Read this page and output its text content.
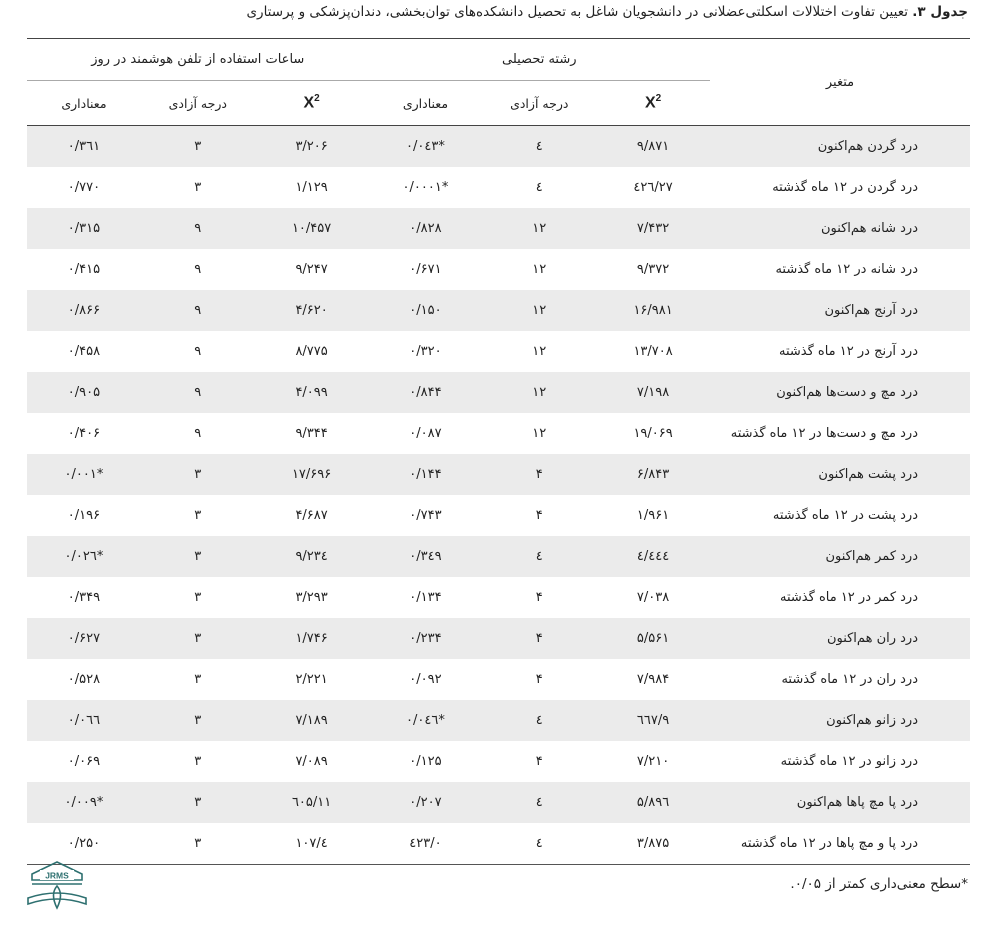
جدول ۳. تعیین تفاوت اختلالات اسکلتی‌عضلانی در دانشجویان شاغل به تحصیل دانشکده‌های توان‌بخشی، دندان‌پزشکی و پرستاری
متغیر	رشته تحصیلی			ساعات استفاده از تلفن هوشمند در روز		
	$X^2$	درجه آزادی	معناداری	$X^2$	درجه آزادی	معناداری
درد گردن هم‌اکنون	۹/۸۷۱	٤	*۰/۰٤۳	۳/۲۰۶	۳	۰/۳٦۱
درد گردن در ۱۲ ماه گذشته	۲۷/٤۲٦	٤	*۰/۰۰۰۱	۱/۱۲۹	۳	۰/۷۷۰
درد شانه هم‌اکنون	۷/۴۳۲	۱۲	۰/۸۲۸	۱۰/۴۵۷	۹	۰/۳۱۵
درد شانه در ۱۲ ماه گذشته	۹/۳۷۲	۱۲	۰/۶۷۱	۹/۲۴۷	۹	۰/۴۱۵
درد آرنج هم‌اکنون	۱۶/۹۸۱	۱۲	۰/۱۵۰	۴/۶۲۰	۹	۰/۸۶۶
درد آرنج در ۱۲ ماه گذشته	۱۳/۷۰۸	۱۲	۰/۳۲۰	۸/۷۷۵	۹	۰/۴۵۸
درد مچ و دست‌ها هم‌اکنون	۷/۱۹۸	۱۲	۰/۸۴۴	۴/۰۹۹	۹	۰/۹۰۵
درد مچ و دست‌ها در ۱۲ ماه گذشته	۱۹/۰۶۹	۱۲	۰/۰۸۷	۹/۳۴۴	۹	۰/۴۰۶
درد پشت هم‌اکنون	۶/۸۴۳	۴	۰/۱۴۴	۱۷/۶۹۶	۳	*۰/۰۰۱
درد پشت در ۱۲ ماه گذشته	۱/۹۶۱	۴	۰/۷۴۳	۴/۶۸۷	۳	۰/۱۹۶
درد کمر هم‌اکنون	٤/٤٤٤	٤	۰/۳٤۹	۹/۲۳٤	۳	*۰/۰۲٦
درد کمر در ۱۲ ماه گذشته	۷/۰۳۸	۴	۰/۱۳۴	۳/۲۹۳	۳	۰/۳۴۹
درد ران هم‌اکنون	۵/۵۶۱	۴	۰/۲۳۴	۱/۷۴۶	۳	۰/۶۲۷
درد ران در ۱۲ ماه گذشته	۷/۹۸۴	۴	۰/۰۹۲	۲/۲۲۱	۳	۰/۵۲۸
درد زانو هم‌اکنون	۹/٦٦۷	٤	*۰/۰٤٦	۷/۱۸۹	۳	۰/۰٦٦
درد زانو در ۱۲ ماه گذشته	۷/۲۱۰	۴	۰/۱۲۵	۷/۰۸۹	۳	۰/۰۶۹
درد پا مچ پاها هم‌اکنون	۵/۸۹٦	٤	۰/۲۰۷	۱۱/٦۰۵	۳	*۰/۰۰۹
درد پا و مچ پاها در ۱۲ ماه گذشته	۳/۸۷۵	٤	۰/٤۲۳	٤/۱۰۷	۳	۰/۲۵۰
*سطح معنی‌داری کمتر از ۰/۰۵.
JRMS
